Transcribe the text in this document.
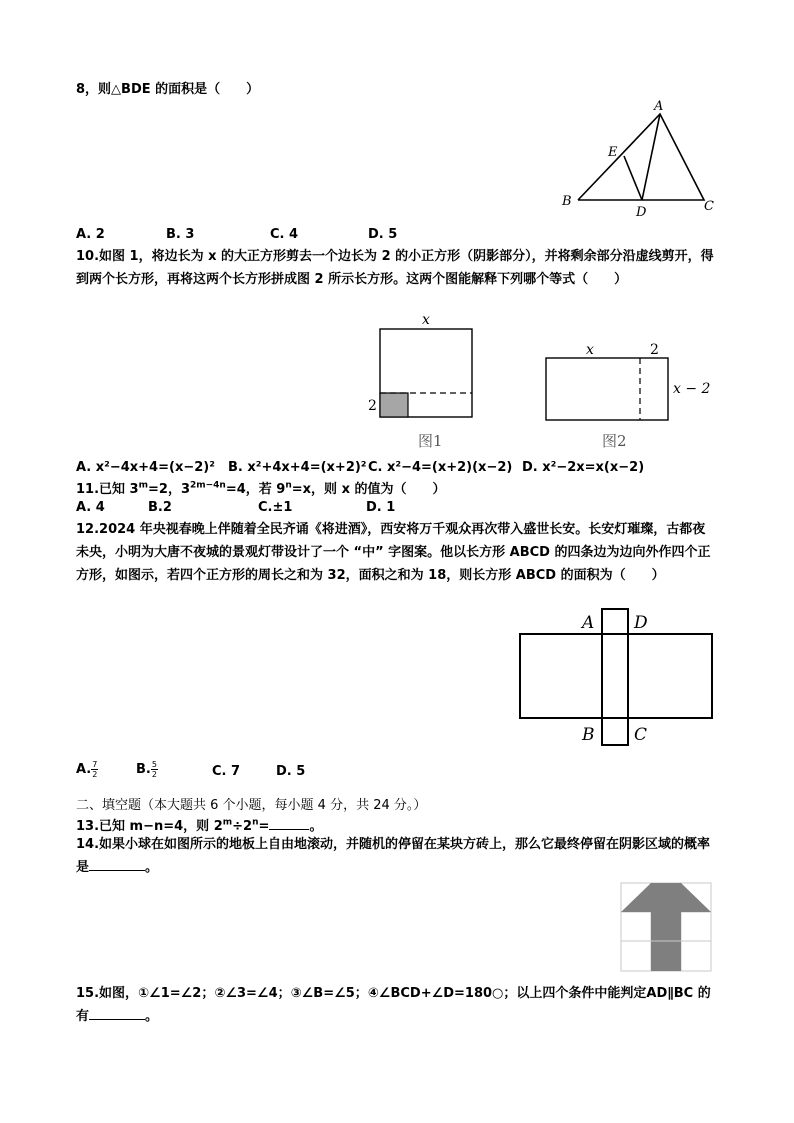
8，则△BDE 的面积是（　　）
A
E
B
D	C
A. 2	B. 3	C. 4	D. 5
10.如图 1，将边长为 x 的大正方形剪去一个边长为 2 的小正方形（阴影部分），并将剩余部分沿虚线剪开，得到两个长方形，再将这两个长方形拼成图 2 所示长方形。这两个图能解释下列哪个等式（　　）
x
2
图1
x	2
x − 2
图2
A. x²−4x+4=(x−2)² B. x²+4x+4=(x+2)² C. x²−4=(x+2)(x−2) D. x²−2x=x(x−2)
11.已知 $3^m=2$，$3^{2m-4n}=4$，若 $9^n=x$，则 x 的值为（　　）
A. 4	B.2	C.±1	D. 1
12.2024 年央视春晚上伴随着全民齐诵《将进酒》，西安将万千观众再次带入盛世长安。长安灯璀璨，古都夜未央，小明为大唐不夜城的景观灯带设计了一个 “中” 字图案。他以长方形 ABCD 的四条边为边向外作四个正方形，如图示，若四个正方形的周长之和为 32，面积之和为 18，则长方形 ABCD 的面积为（　　）
A D
B C
A. $\frac{7}{2}$	B. $\frac{5}{2}$	C. 7	D. 5
二、填空题（本大题共 6 个小题，每小题 4 分，共 24 分。）
13.已知 m−n=4，则 $2^m\div 2^n=$	。
14.如果小球在如图所示的地板上自由地滚动，并随机的停留在某块方砖上，那么它最终停留在阴影区域的概率是	。
15.如图，①∠1=∠2；②∠3=∠4；③∠B=∠5；④∠BCD+∠D=180○；以上四个条件中能判定AD∥BC 的有	。
